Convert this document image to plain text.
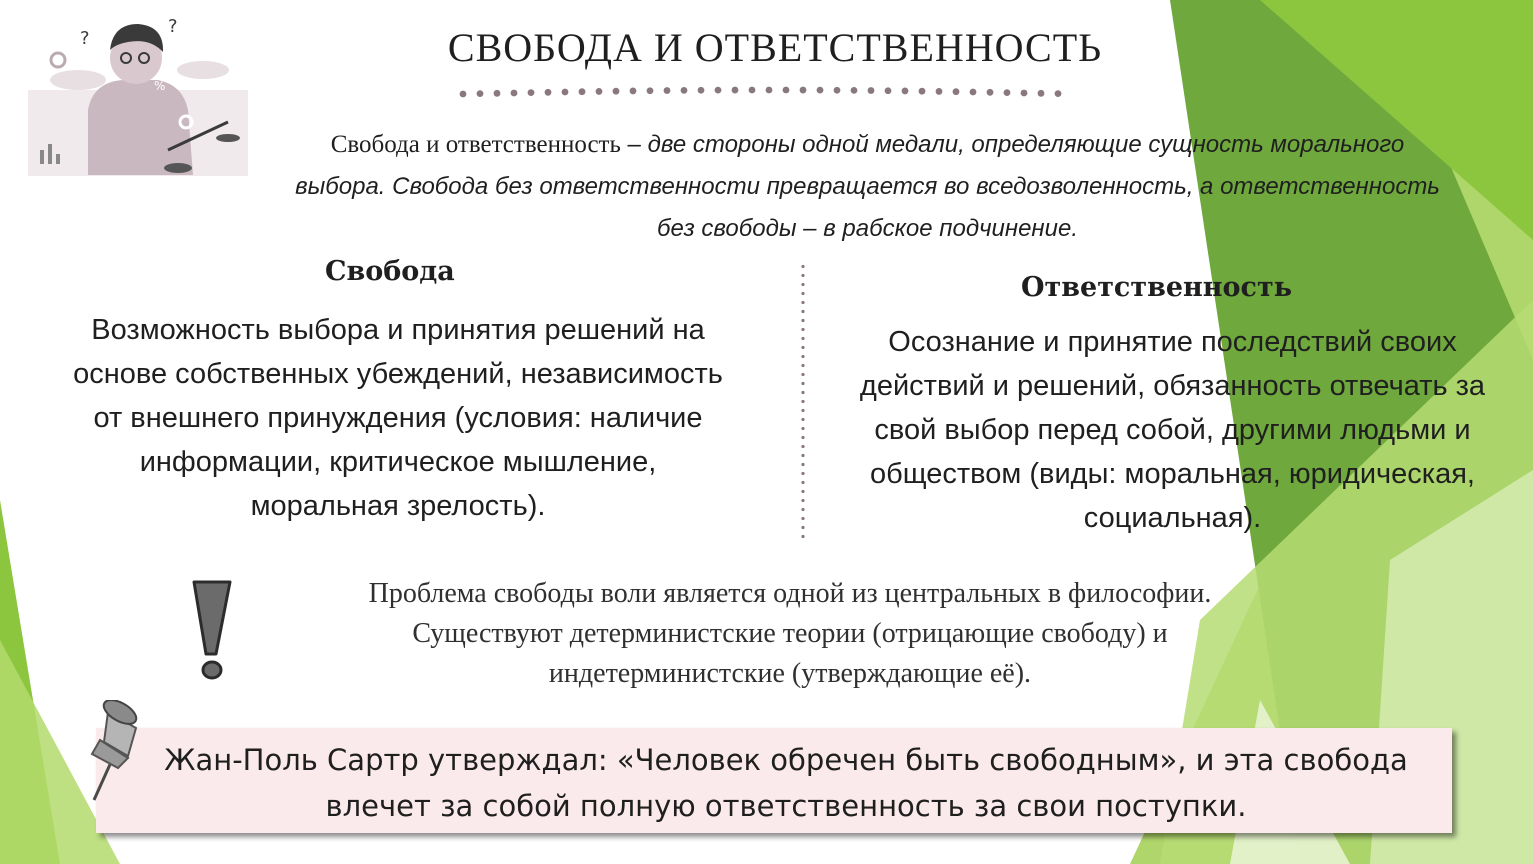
?
?
%
СВОБОДА И ОТВЕТСТВЕННОСТЬ
Свобода и ответственность – две стороны одной медали, определяющие сущность морального
выбора. Свобода без ответственности превращается во вседозволенность, а ответственность
без свободы – в рабское подчинение.
Свобода
Возможность выбора и принятия решений на основе собственных убеждений, независимость от внешнего принуждения (условия: наличие информации, критическое мышление, моральная зрелость).
Ответственность
Осознание и принятие последствий своих действий и решений, обязанность отвечать за свой выбор перед собой, другими людьми и обществом (виды: моральная, юридическая, социальная).
Проблема свободы воли является одной из центральных в философии.
Существуют детерминистские теории (отрицающие свободу) и
индетерминистские (утверждающие её).
Жан-Поль Сартр утверждал: «Человек обречен быть свободным», и эта свобода
влечет за собой полную ответственность за свои поступки.
